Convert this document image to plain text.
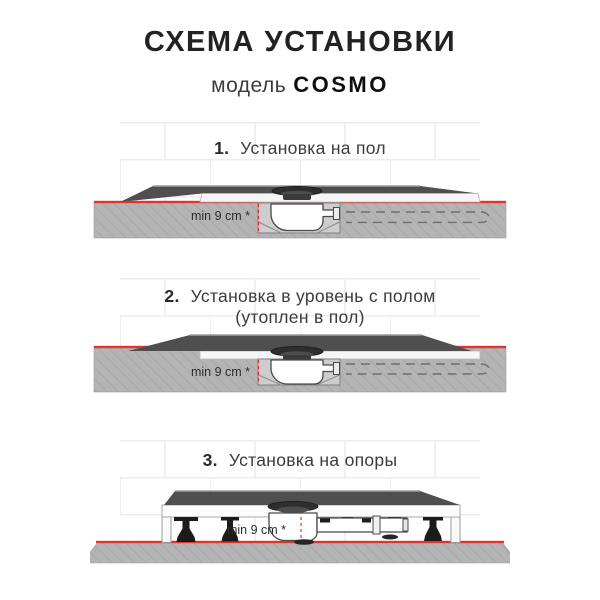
СХЕМА УСТАНОВКИ
модель COSMO
1. Установка на пол
min 9 cm *
2. Установка в уровень с полом
(утоплен в пол)
min 9 cm *
3. Установка на опоры
min 9 cm *
